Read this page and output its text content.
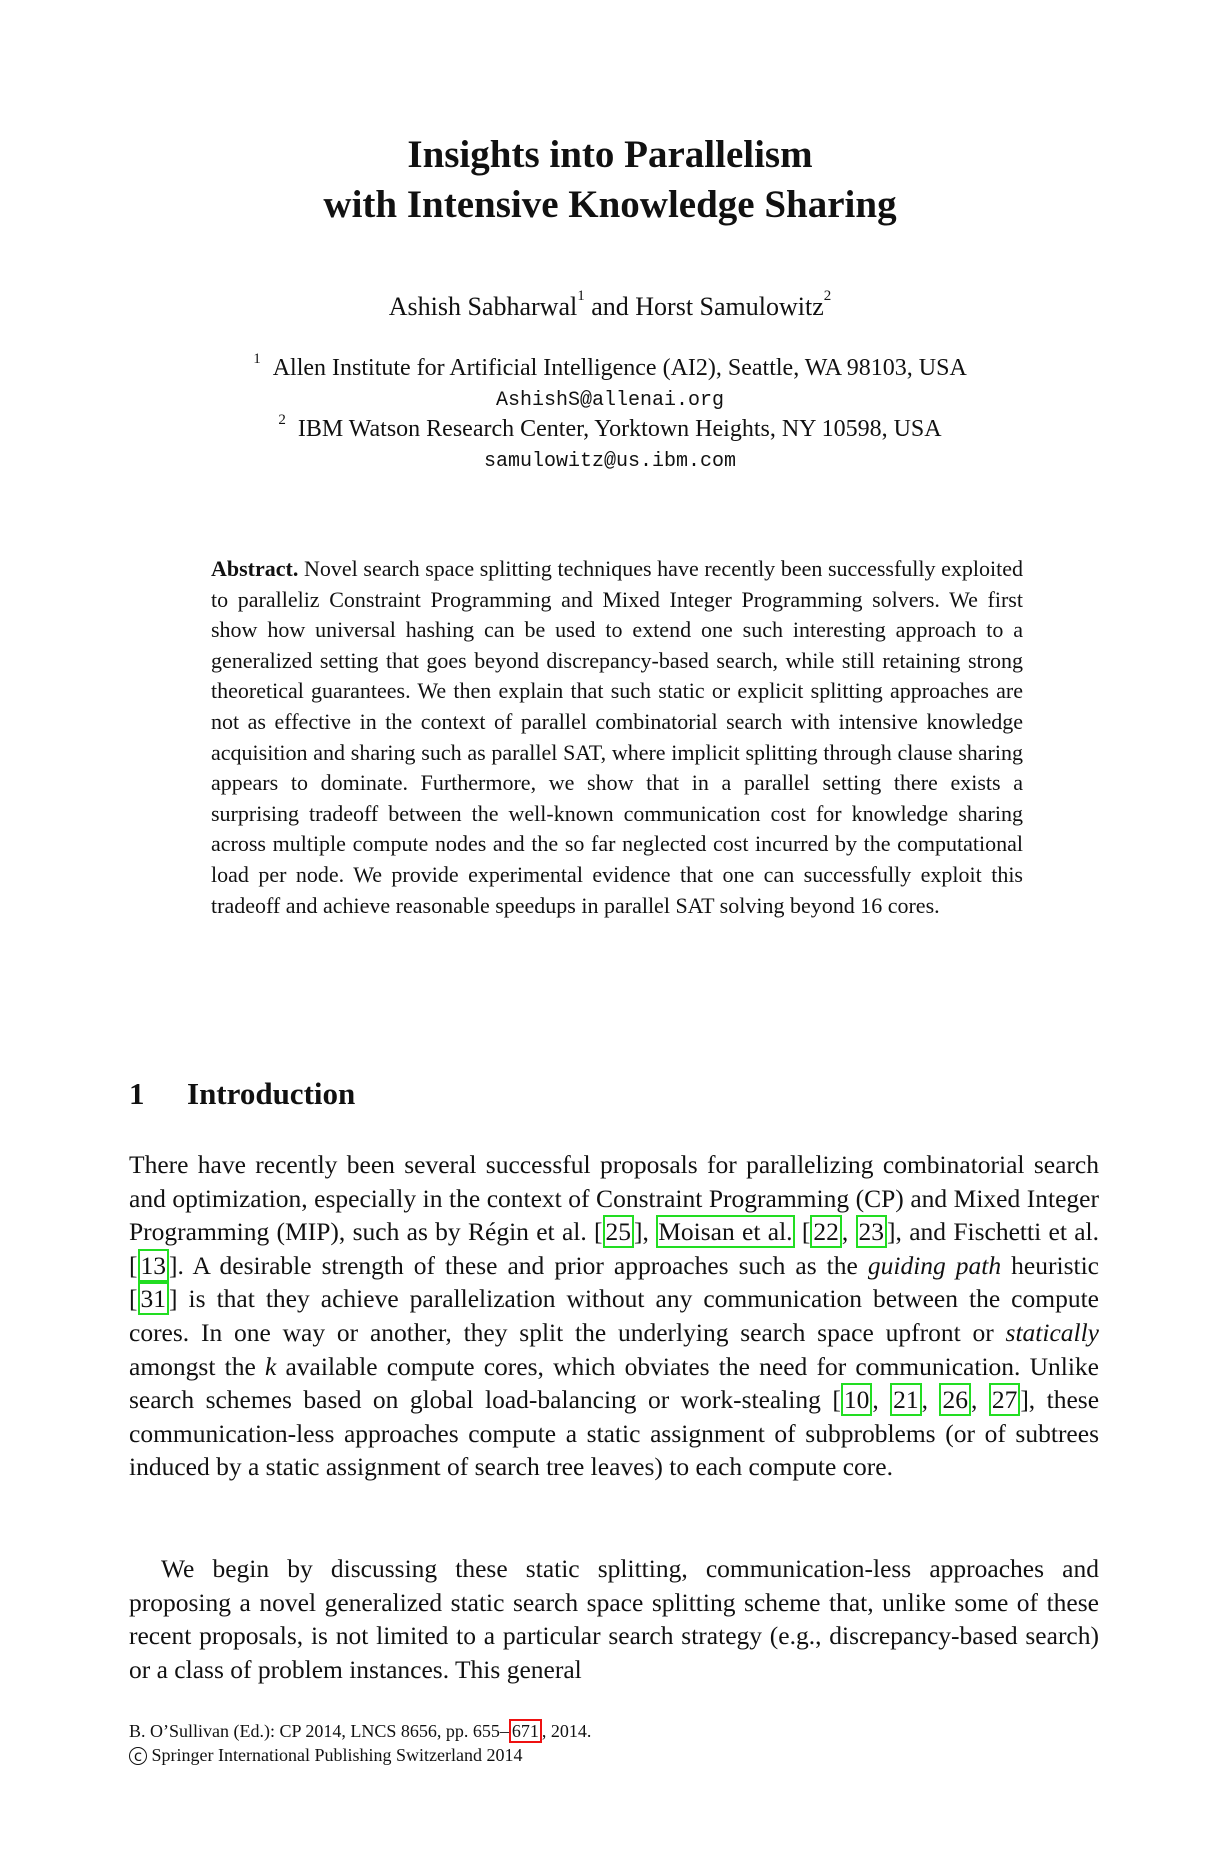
Insights into Parallelism
with Intensive Knowledge Sharing
Ashish Sabharwal$^1$ and Horst Samulowitz$^2$
$^1$ Allen Institute for Artificial Intelligence (AI2), Seattle, WA 98103, USA
AshishS@allenai.org
$^2$ IBM Watson Research Center, Yorktown Heights, NY 10598, USA
samulowitz@us.ibm.com
Abstract. Novel search space splitting techniques have recently been successfully exploited to paralleliz Constraint Programming and Mixed Integer Programming solvers. We first show how universal hashing can be used to extend one such interesting approach to a generalized setting that goes beyond discrepancy-based search, while still retaining strong theoretical guarantees. We then explain that such static or explicit splitting approaches are not as effective in the context of parallel combinatorial search with intensive knowledge acquisition and sharing such as parallel SAT, where implicit splitting through clause sharing appears to dominate. Furthermore, we show that in a parallel setting there exists a surprising tradeoff between the well-known communication cost for knowledge sharing across multiple compute nodes and the so far neglected cost incurred by the computational load per node. We provide experimental evidence that one can successfully exploit this tradeoff and achieve reasonable speedups in parallel SAT solving beyond 16 cores.
1 Introduction
There have recently been several successful proposals for parallelizing combinatorial search and optimization, especially in the context of Constraint Programming (CP) and Mixed Integer Programming (MIP), such as by Régin et al. [ 25 ], Moisan et al. [ 22 , 23 ], and Fischetti et al. [ 13 ]. A desirable strength of these and prior approaches such as the guiding path heuristic [ 31 ] is that they achieve parallelization without any communication between the compute cores. In one way or another, they split the underlying search space upfront or statically amongst the k available compute cores, which obviates the need for communication. Unlike search schemes based on global load-balancing or work-stealing [ 10 , 21 , 26 , 27 ], these communication-less approaches compute a static assignment of subproblems (or of subtrees induced by a static assignment of search tree leaves) to each compute core.
We begin by discussing these static splitting, communication-less approaches and proposing a novel generalized static search space splitting scheme that, unlike some of these recent proposals, is not limited to a particular search strategy (e.g., discrepancy-based search) or a class of problem instances. This general
B. O’Sullivan (Ed.): CP 2014, LNCS 8656, pp. 655– 671 , 2014.
c Springer International Publishing Switzerland 2014
